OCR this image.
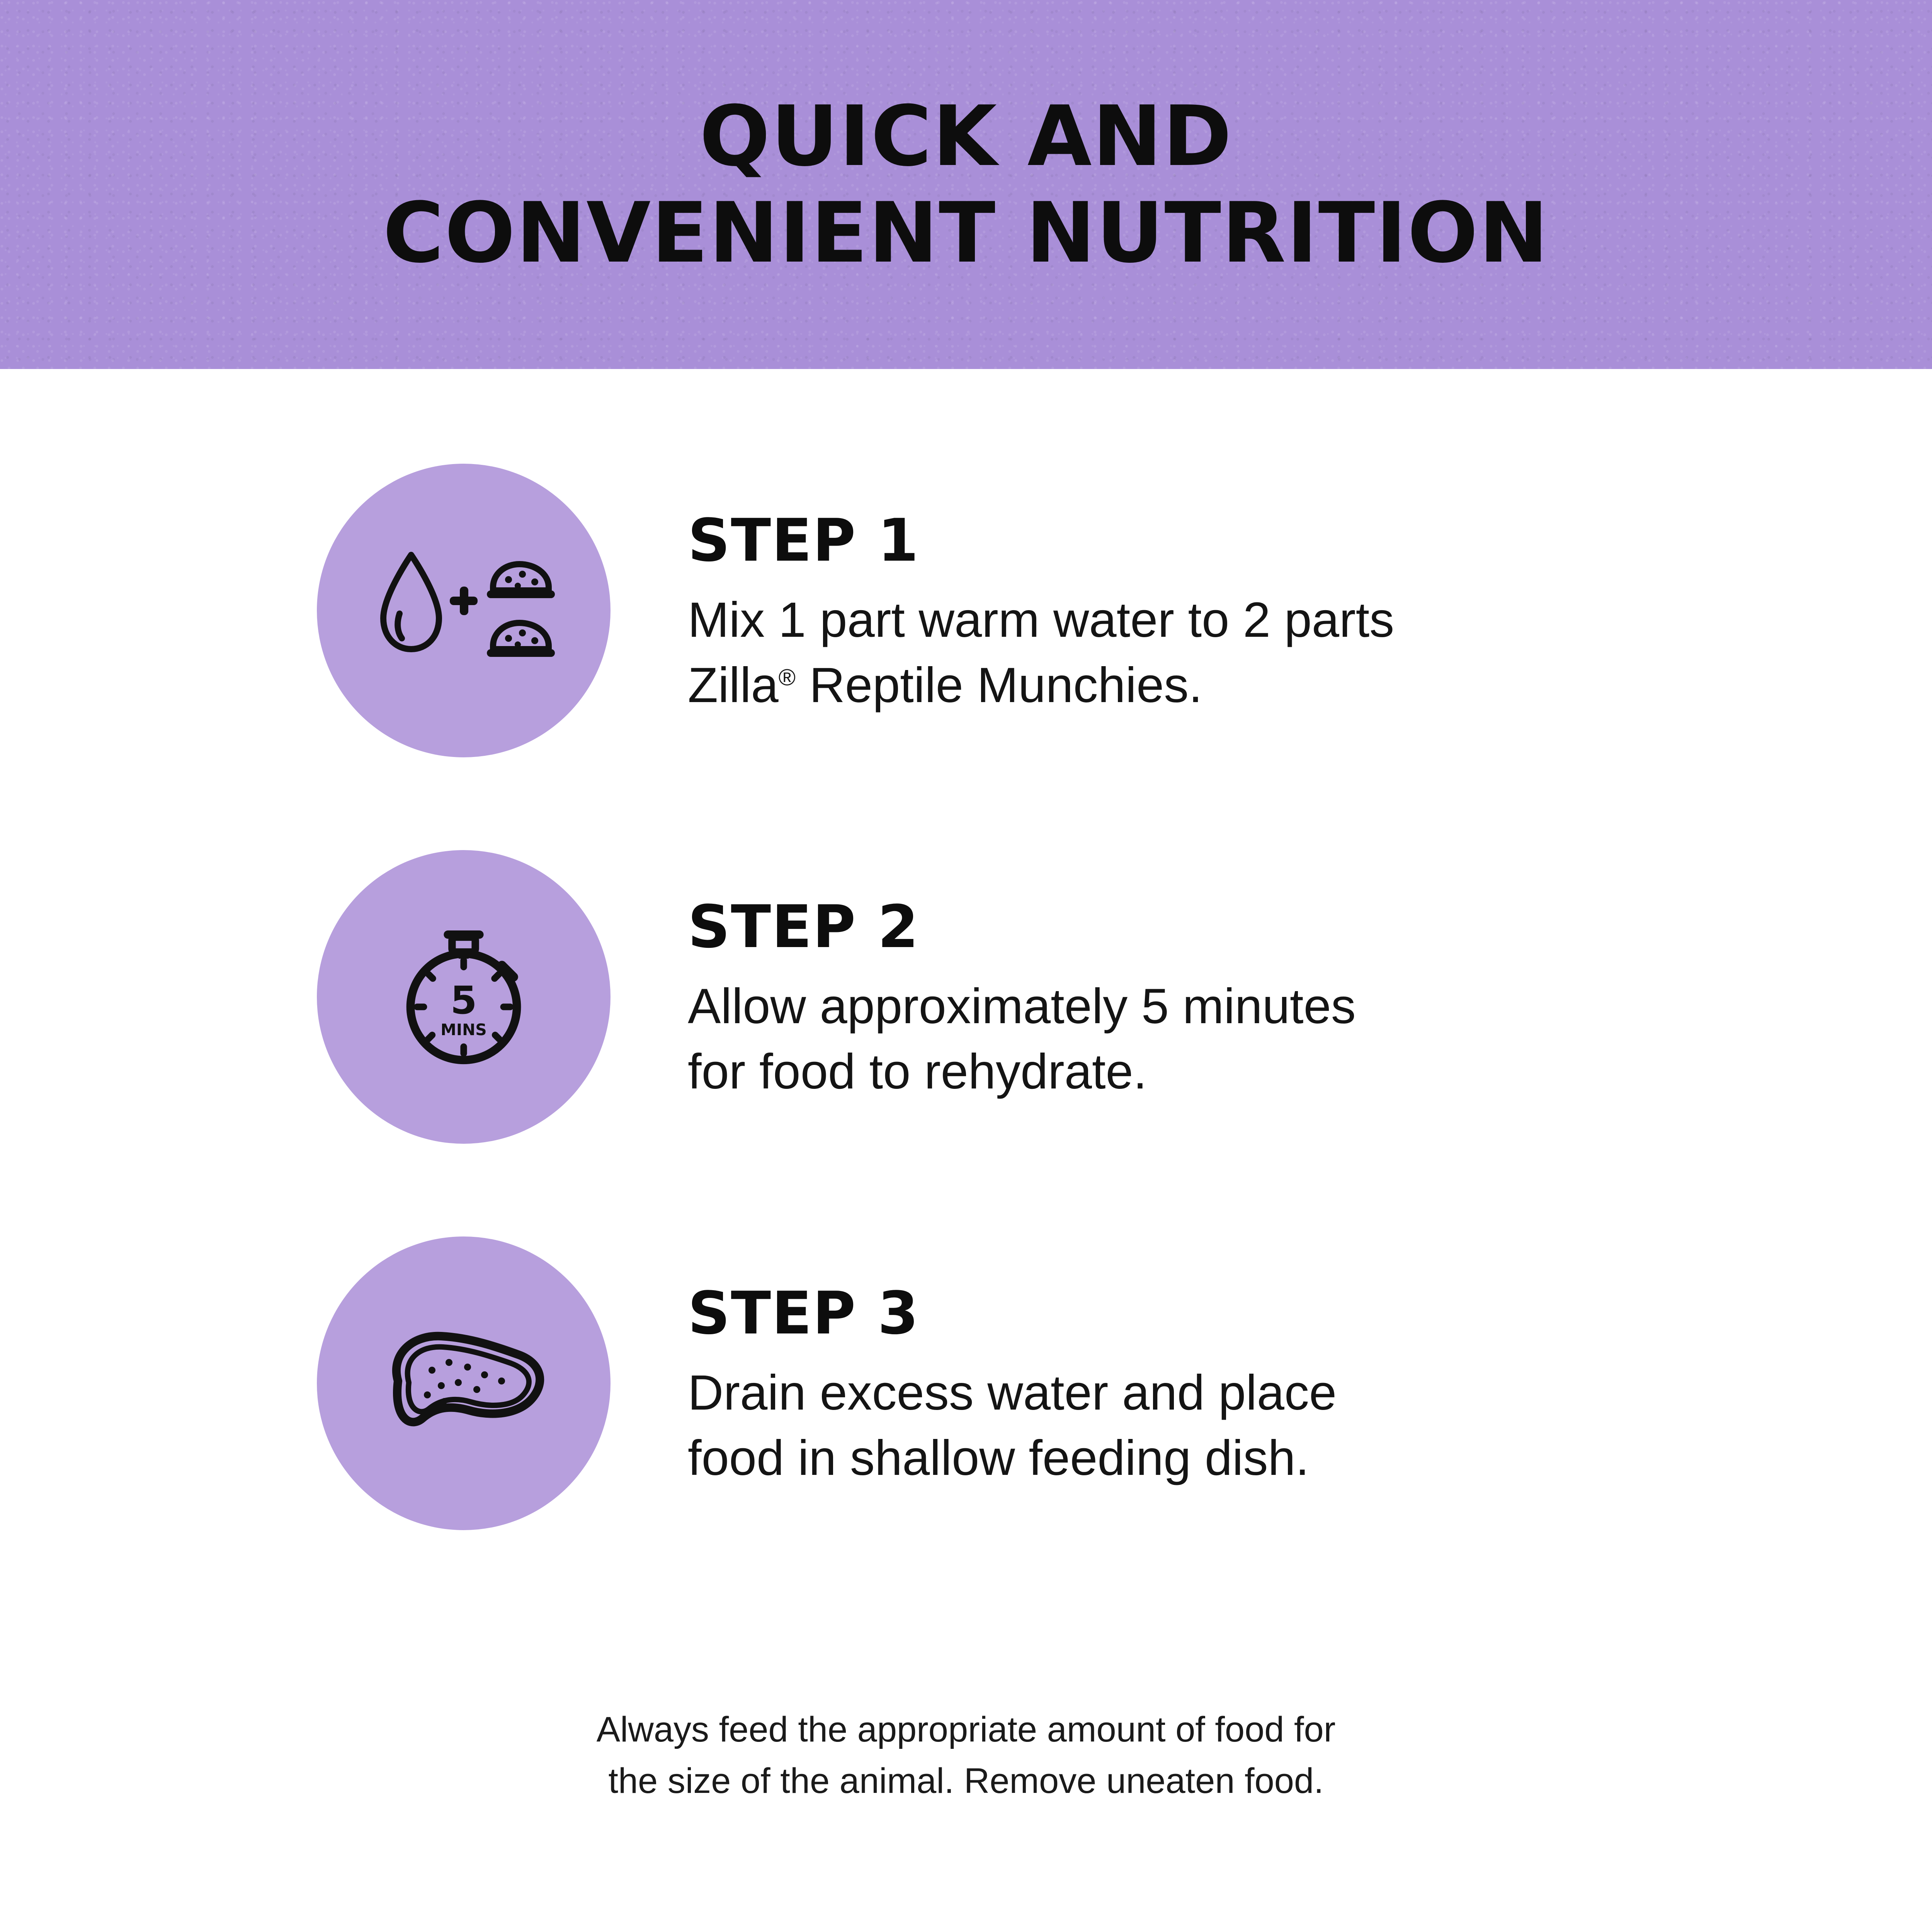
QUICK AND
CONVENIENT NUTRITION
STEP 1

Mix 1 part warm water to 2 parts
Zilla® Reptile Munchies.

5
MINS
STEP 2

Allow approximately 5 minutes
for food to rehydrate.

STEP 3

Drain excess water and place
food in shallow feeding dish.

Always feed the appropriate amount of food for
the size of the animal. Remove uneaten food.
